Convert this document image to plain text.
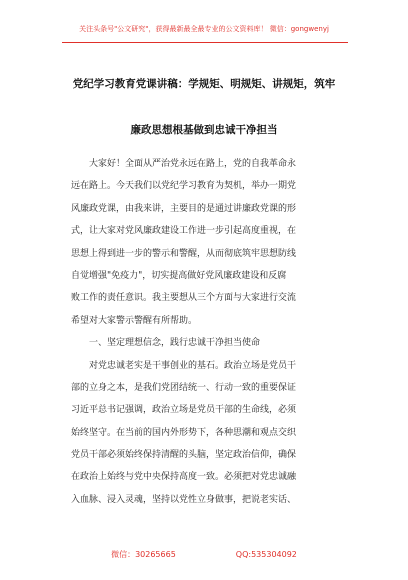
关注头条号"公文研究"，获得最新最全最专业的公文资料库！ 微信：gongwenyj
党纪学习教育党课讲稿：学规矩、明规矩、讲规矩，筑牢
廉政思想根基做到忠诚干净担当
大家好！全面从严治党永远在路上，党的自我革命永
远在路上。今天我们以党纪学习教育为契机，举办一期党
风廉政党课，由我来讲，主要目的是通过讲廉政党课的形
式，让大家对党风廉政建设工作进一步引起高度重视，在
思想上得到进一步的警示和警醒，从而彻底筑牢思想防线
自觉增强"免疫力"，切实提高做好党风廉政建设和反腐
败工作的责任意识。我主要想从三个方面与大家进行交流
希望对大家警示警醒有所帮助。
一、坚定理想信念，践行忠诚干净担当使命
对党忠诚老实是干事创业的基石。政治立场是党员干
部的立身之本，是我们党团结统一、行动一致的重要保证
习近平总书记强调，政治立场是党员干部的生命线，必须
始终坚守。在当前的国内外形势下，各种思潮和观点交织
党员干部必须始终保持清醒的头脑，坚定政治信仰，确保
在政治上始终与党中央保持高度一致。必须把对党忠诚融
入血脉、浸入灵魂，坚持以党性立身做事，把说老实话、
微信：30265665	QQ:535304092
